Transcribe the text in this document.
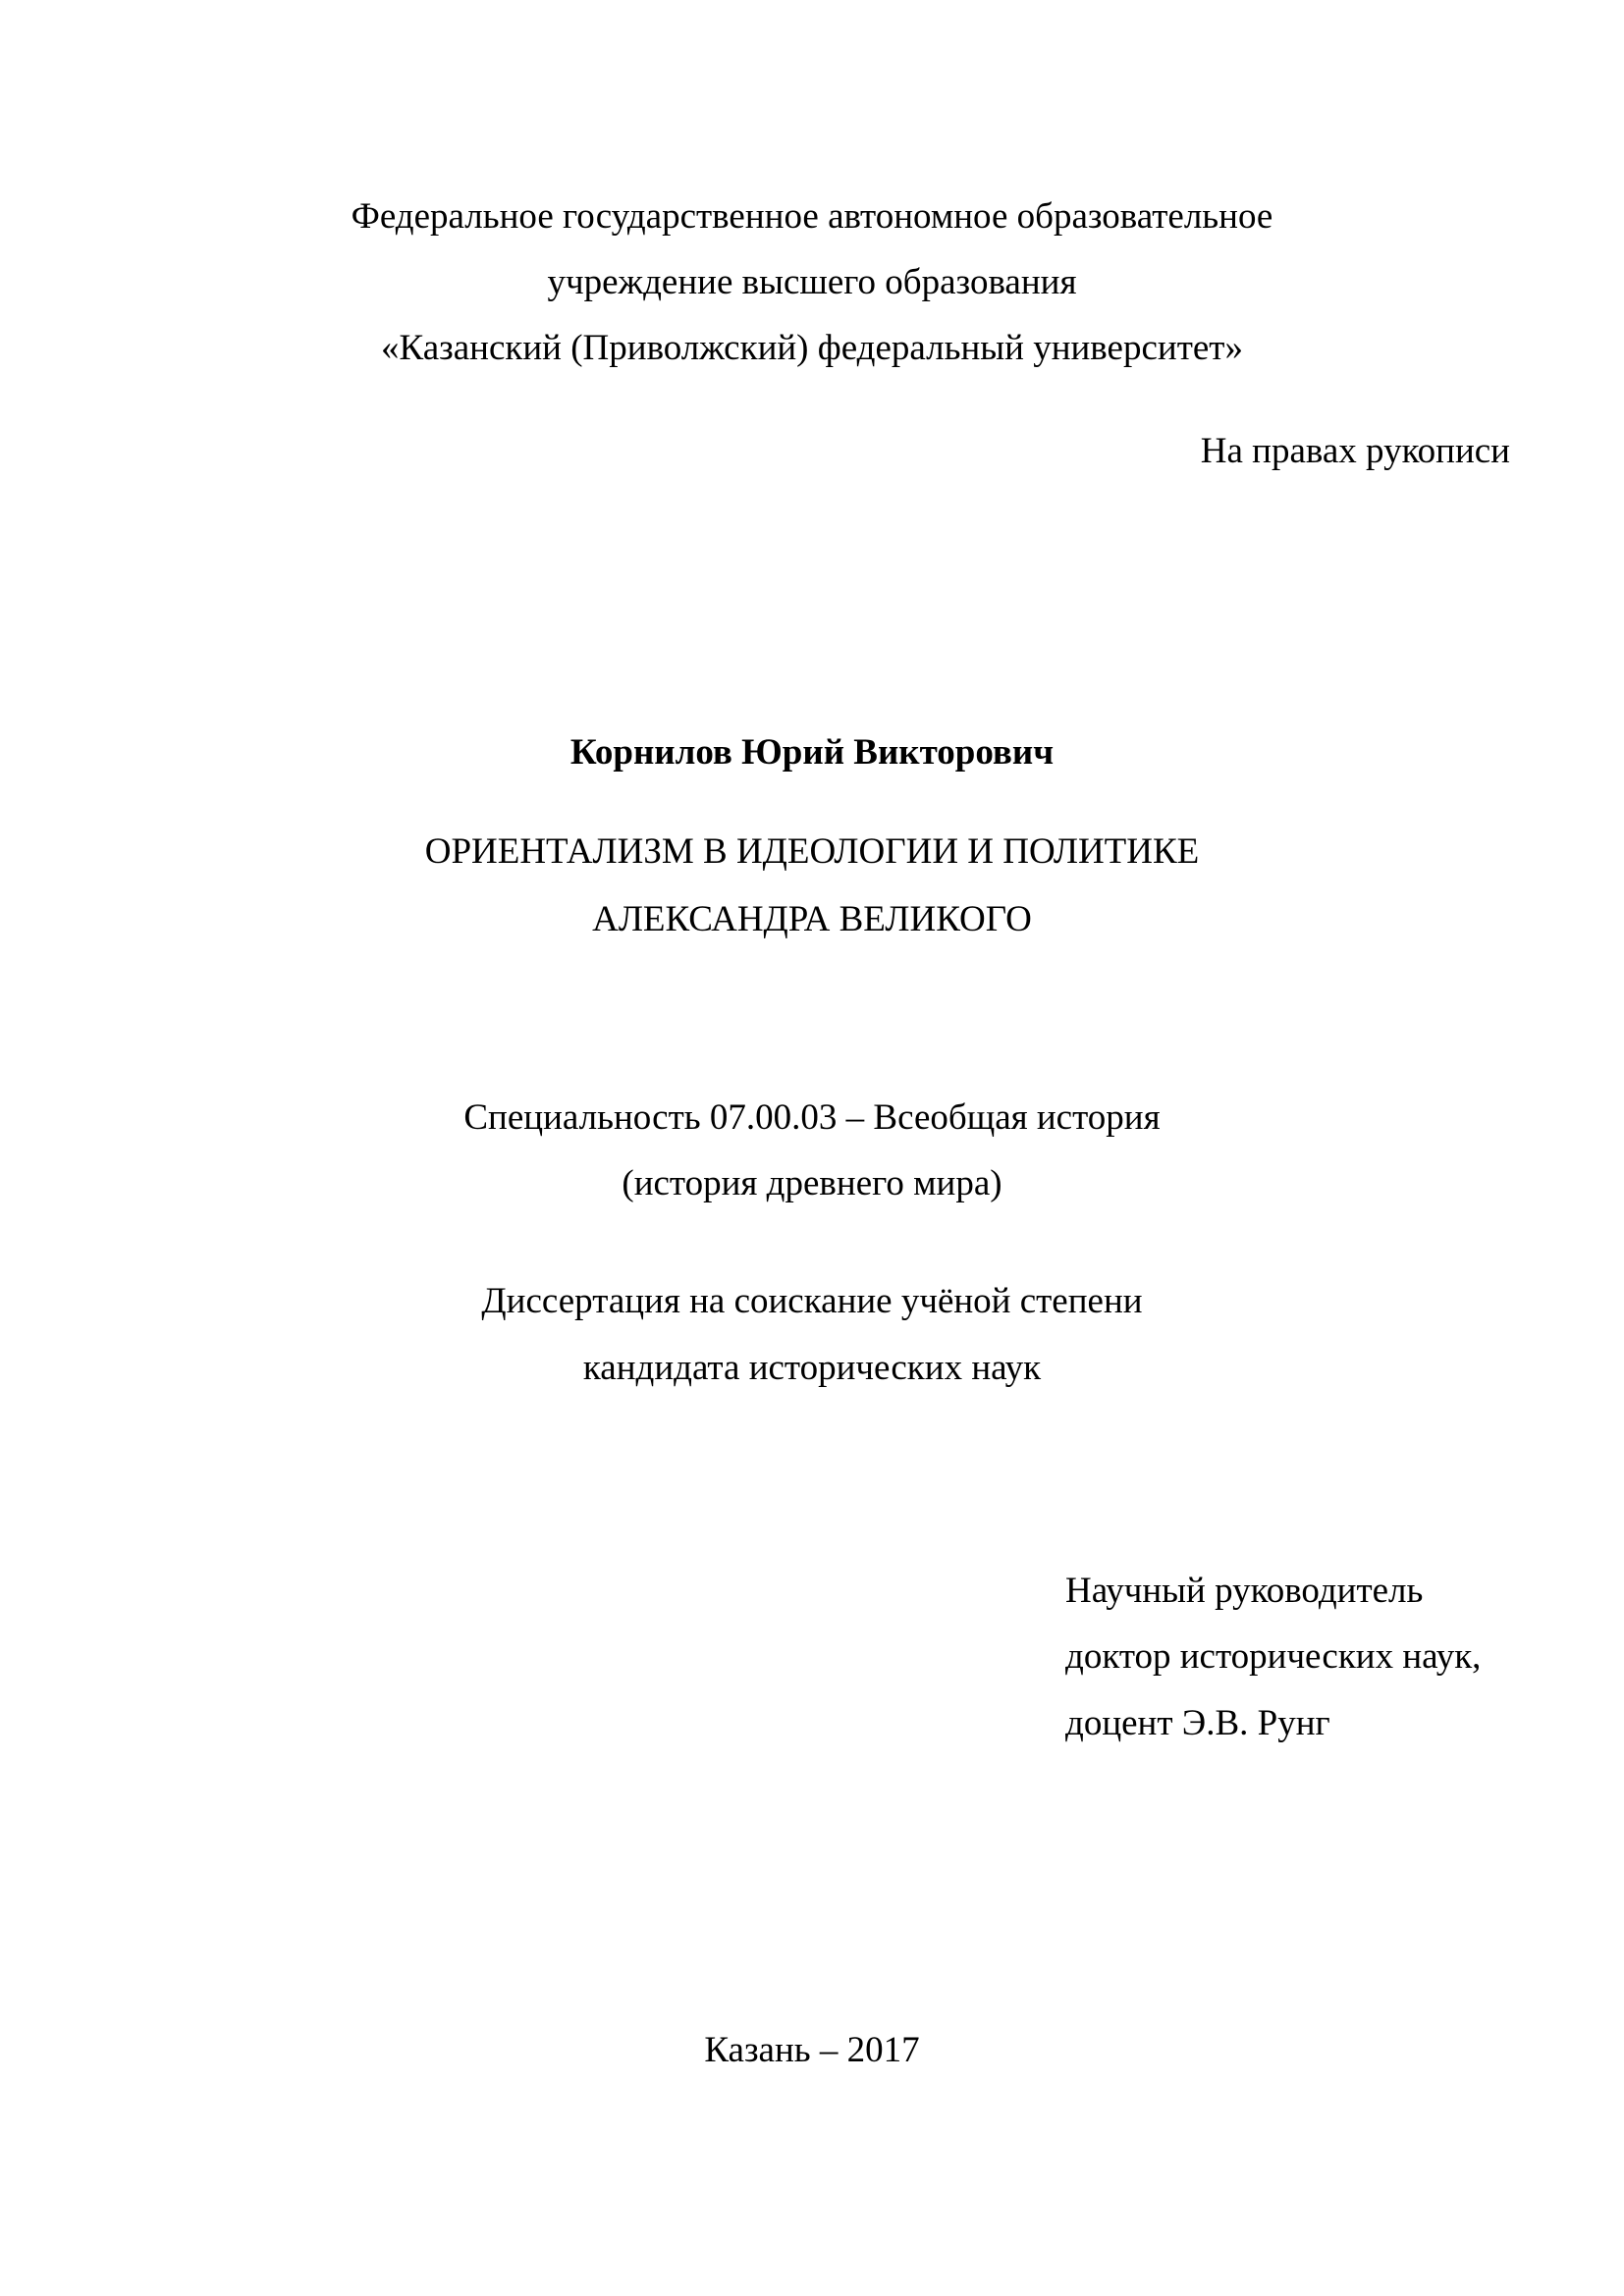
Федеральное государственное автономное образовательное
учреждение высшего образования
«Казанский (Приволжский) федеральный университет»
На правах рукописи
Корнилов Юрий Викторович
ОРИЕНТАЛИЗМ В ИДЕОЛОГИИ И ПОЛИТИКЕ
АЛЕКСАНДРА ВЕЛИКОГО
Специальность 07.00.03 – Всеобщая история
(история древнего мира)
Диссертация на соискание учёной степени
кандидата исторических наук
Научный руководитель
доктор исторических наук,
доцент Э.В. Рунг
Казань – 2017
